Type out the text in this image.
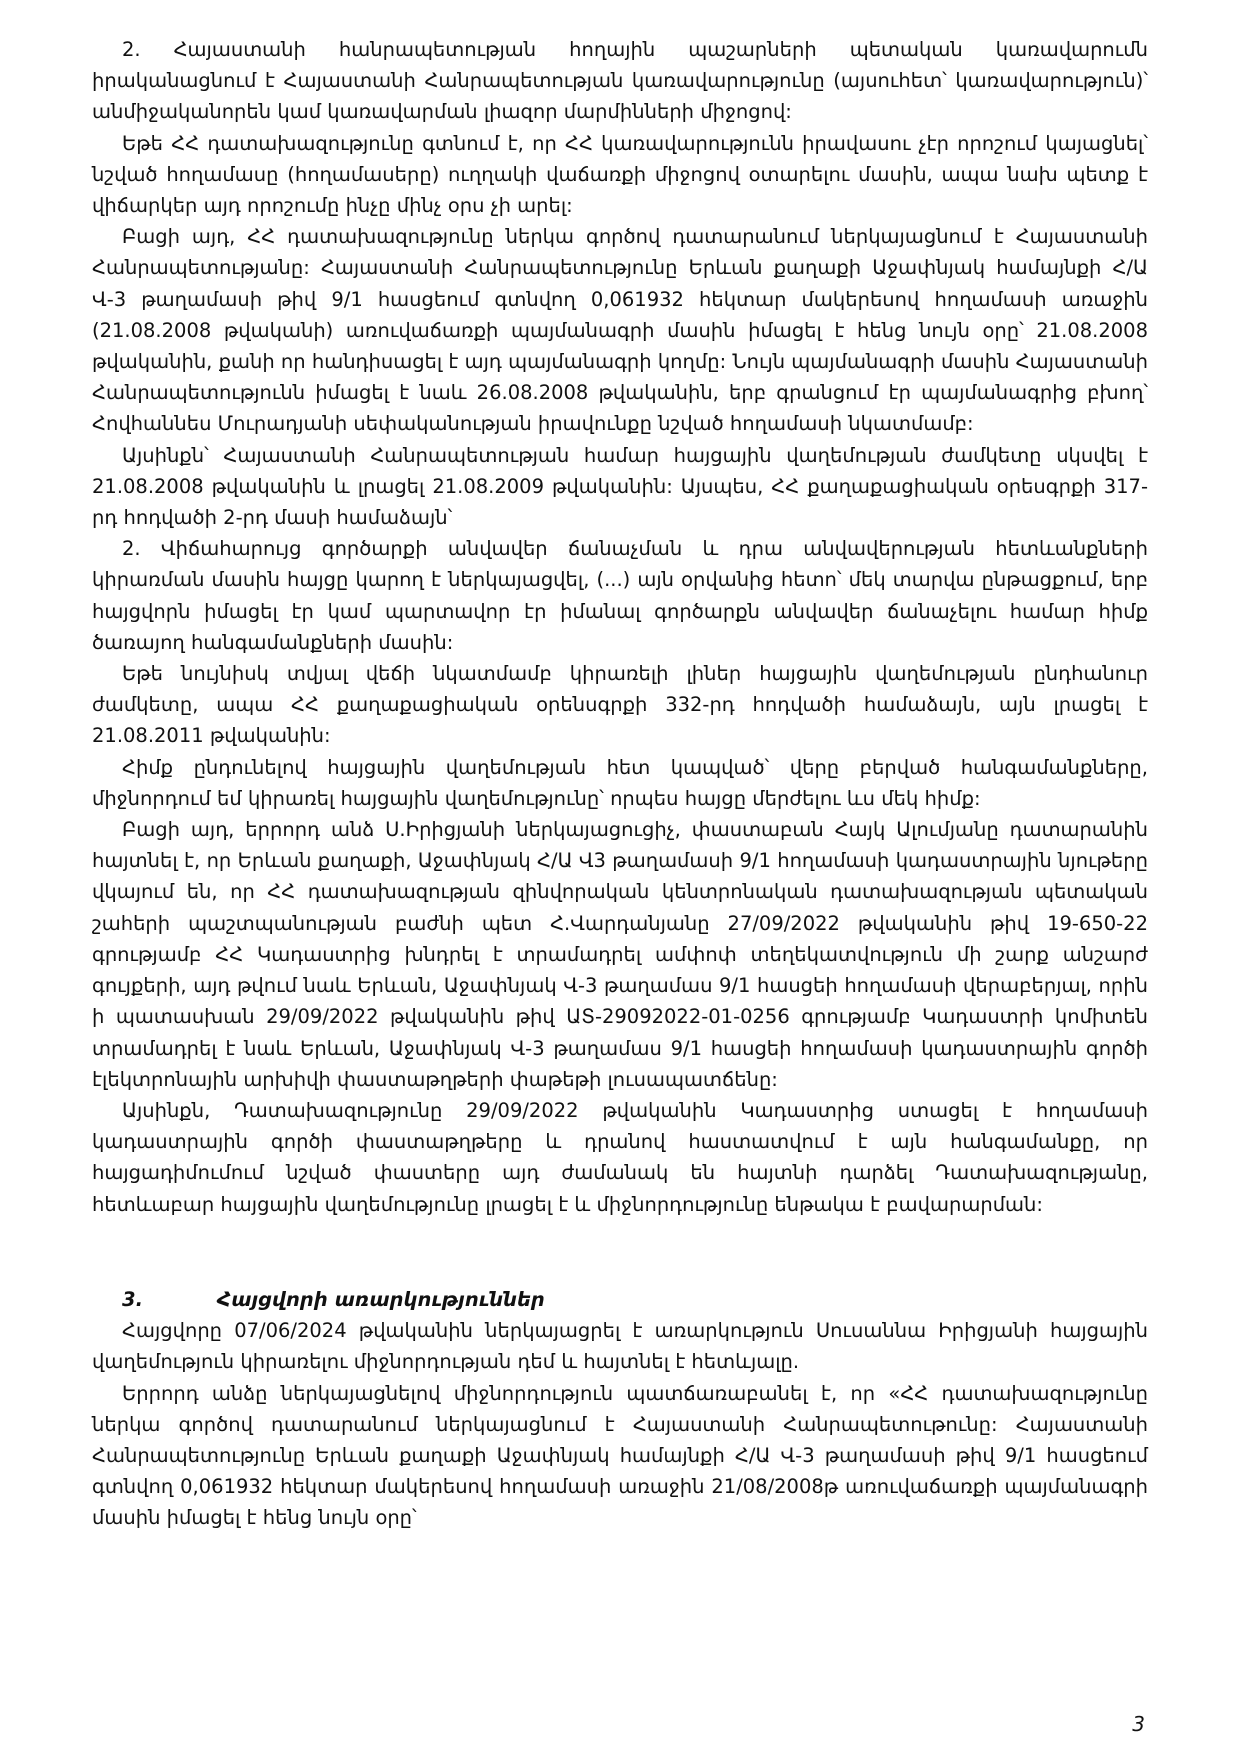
2. Հայաստանի հանրապետության հողային պաշարների պետական կառավարումն իրականացնում է Հայաստանի Հանրապետության կառավարությունը (այսուհետ՝ կառավարություն)՝ անմիջականորեն կամ կառավարման լիազոր մարմինների միջոցով:

Եթե ՀՀ դատախազությունը գտնում է, որ ՀՀ կառավարությունն իրավասու չէր որոշում կայացնել՝ նշված հողամասը (հողամասերը) ուղղակի վաճառքի միջոցով օտարելու մասին, ապա նախ պետք է վիճարկեր այդ որոշումը ինչը մինչ օրս չի արել:

Բացի այդ, ՀՀ դատախազությունը ներկա գործով դատարանում ներկայացնում է Հայաստանի Հանրապետությանը: Հայաստանի Հանրապետությունը Երևան քաղաքի Աջափնյակ համայնքի Հ/Ա Վ-3 թաղամասի թիվ 9/1 հասցեում գտնվող 0,061932 հեկտար մակերեսով հողամասի առաջին (21.08.2008 թվականի) առուվաճառքի պայմանագրի մասին իմացել է հենց նույն օրը՝ 21.08.2008 թվականին, քանի որ հանդիսացել է այդ պայմանագրի կողմը: Նույն պայմանագրի մասին Հայաստանի Հանրապետությունն իմացել է նաև 26.08.2008 թվականին, երբ գրանցում էր պայմանագրից բխող՝ Հովհաննես Մուրադյանի սեփականության իրավունքը նշված հողամասի նկատմամբ:

Այսինքն՝ Հայաստանի Հանրապետության համար հայցային վաղեմության ժամկետը սկսվել է 21.08.2008 թվականին և լրացել 21.08.2009 թվականին: Այսպես, ՀՀ քաղաքացիական օրեսգրքի 317-րդ հոդվածի 2-րդ մասի համաձայն՝

2. Վիճահարույց գործարքի անվավեր ճանաչման և դրա անվավերության հետևանքների կիրառման մասին հայցը կարող է ներկայացվել, (...) այն օրվանից հետո՝ մեկ տարվա ընթացքում, երբ հայցվորն իմացել էր կամ պարտավոր էր իմանալ գործարքն անվավեր ճանաչելու համար հիմք ծառայող հանգամանքների մասին:

Եթե նույնիսկ տվյալ վեճի նկատմամբ կիրառելի լիներ հայցային վաղեմության ընդհանուր ժամկետը, ապա ՀՀ քաղաքացիական օրենսգրքի 332-րդ հոդվածի համաձայն, այն լրացել է 21.08.2011 թվականին:

Հիմք ընդունելով հայցային վաղեմության հետ կապված՝ վերը բերված հանգամանքները, միջնորդում եմ կիրառել հայցային վաղեմությունը՝ որպես հայցը մերժելու ևս մեկ հիմք:

Բացի այդ, երրորդ անձ Ս.Իրիցյանի ներկայացուցիչ, փաստաբան Հայկ Ալումյանը դատարանին հայտնել է, որ Երևան քաղաքի, Աջափնյակ Հ/Ա Վ3 թաղամասի 9/1 հողամասի կադաստրային նյութերը վկայում են, որ ՀՀ դատախազության զինվորական կենտրոնական դատախազության պետական շահերի պաշտպանության բաժնի պետ Հ.Վարդանյանը 27/09/2022 թվականին թիվ 19-650-22 գրությամբ ՀՀ Կադաստրից խնդրել է տրամադրել ամփոփ տեղեկատվություն մի շարք անշարժ գույքերի, այդ թվում նաև Երևան, Աջափնյակ Վ-3 թաղամաս 9/1 հասցեի հողամասի վերաբերյալ, որին ի պատասխան 29/09/2022 թվականին թիվ ԱՏ-29092022-01-0256 գրությամբ Կադաստրի կոմիտեն տրամադրել է նաև Երևան, Աջափնյակ Վ-3 թաղամաս 9/1 հասցեի հողամասի կադաստրային գործի էլեկտրոնային արխիվի փաստաթղթերի փաթեթի լուսապատճենը:

Այսինքն, Դատախազությունը 29/09/2022 թվականին Կադաստրից ստացել է հողամասի կադաստրային գործի փաստաթղթերը և դրանով հաստատվում է այն հանգամանքը, որ հայցադիմումում նշված փաստերը այդ ժամանակ են հայտնի դարձել Դատախազությանը, հետևաբար հայցային վաղեմությունը լրացել է և միջնորդությունը ենթակա է բավարարման:

3.	Հայցվորի առարկություններ

Հայցվորը 07/06/2024 թվականին ներկայացրել է առարկություն Սուսաննա Իրիցյանի հայցային վաղեմություն կիրառելու միջնորդության դեմ և հայտնել է հետևյալը.

Երրորդ անձը ներկայացնելով միջնորդություն պատճառաբանել է, որ «ՀՀ դատախազությունը ներկա գործով դատարանում ներկայացնում է Հայաստանի Հանրապետութունը: Հայաստանի Հանրապետությունը Երևան քաղաքի Աջափնյակ համայնքի Հ/Ա Վ-3 թաղամասի թիվ 9/1 հասցեում գտնվող 0,061932 հեկտար մակերեսով հողամասի առաջին 21/08/2008թ առուվաճառքի պայմանագրի մասին իմացել է հենց նույն օրը՝

3
